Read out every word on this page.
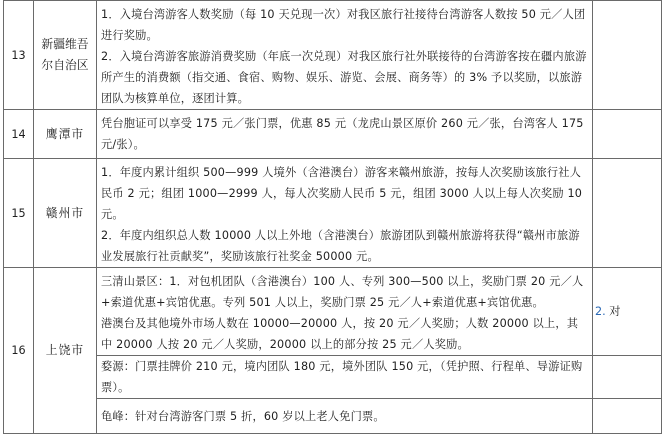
13	新疆维吾尔自治区	1．入境台湾游客人数奖励（每 10 天兑现一次）对我区旅行社接待台湾游客人数按 50 元／人团进行奖励。

2．入境台湾游客旅游消费奖励（年底一次兑现）对我区旅行社外联接待的台湾游客按在疆内旅游所产生的消费额（指交通、食宿、购物、娱乐、游览、会展、商务等）的 3% 予以奖励，以旅游团队为核算单位，逐团计算。	

14	鹰潭市	凭台胞证可以享受 175 元／张门票，优惠 85 元（龙虎山景区原价 260 元／张，台湾客人 175 元/张）。	

15	赣州市	1．年度内累计组织 500—999 人境外（含港澳台）游客来赣州旅游，按每人次奖励该旅行社人民币 2 元；组团 1000—2999 人，每人次奖励人民币 5 元，组团 3000 人以上每人次奖励 10 元。

2．年度内组织总人数 10000 人以上外地（含港澳台）旅游团队到赣州旅游将获得“赣州市旅游业发展旅行社贡献奖”，奖励该旅行社奖金 50000 元。	

16	上饶市	三清山景区：1．对包机团队（含港澳台）100 人、专列 300—500 以上，奖励门票 20 元／人+索道优惠+宾馆优惠。专列 501 人以上，奖励门票 25 元／人+索道优惠+宾馆优惠。

港澳台及其他境外市场人数在 10000—20000 人，按 20 元／人奖励；人数 20000 以上，其中 20000 人按 20 元／人奖励，20000 以上的部分按 25 元／人奖励。	2. 对

		婺源：门票挂牌价 210 元，境内团队 180 元，境外团队 150 元，（凭护照、行程单、导游证购票）。	

		龟峰：针对台湾游客门票 5 折，60 岁以上老人免门票。	
